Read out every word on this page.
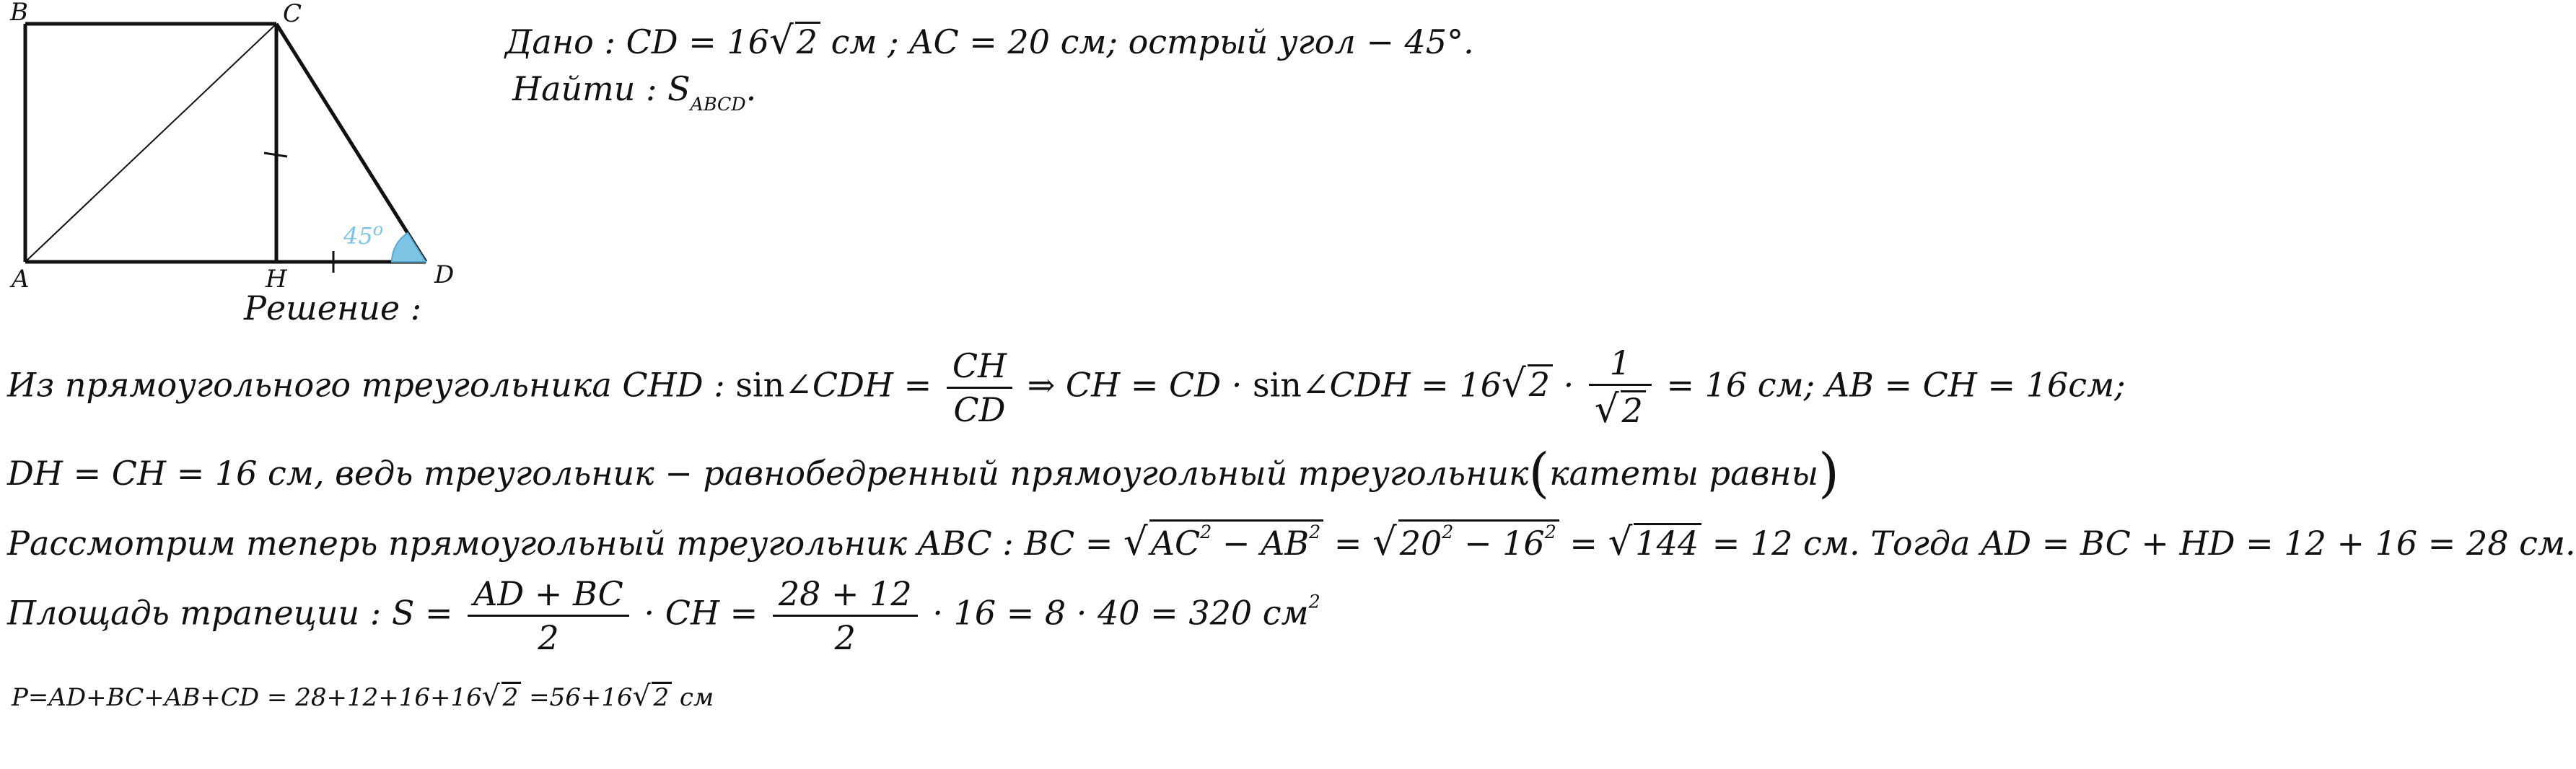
B	C
A	H	D
45$^o$
Дано : CD = 16√2 см ; AC = 20 см; острый угол − 45°.
Найти : $S_{ABCD}$.
Решение :
Из прямоугольного треугольника CHD : sin∠CDH = $\frac{CH}{CD}$ ⇒ CH = CD · sin∠CDH = $16√2 \cdot \frac{1}{√2} = 16$ см; AB = CH = 16см;
DH = CH = 16 см, ведь треугольник − равнобедренный прямоугольный треугольник(катеты равны)
Рассмотрим теперь прямоугольный треугольник ABC : BC = $√AC^2 - AB^2 = √20^2 - 16^2 = √144 = 12$ см. Тогда AD = BC + HD = 12 + 16 = 28 см.
Площадь трапеции : $S = \frac{AD + BC}{2}$ · CH = $\frac{28 + 12}{2} \cdot 16 = 8 \cdot 40 = 320$ $см^2$
P=AD+BC+AB+CD = 28+12+16+16√ 2 =56+16√ 2 см
